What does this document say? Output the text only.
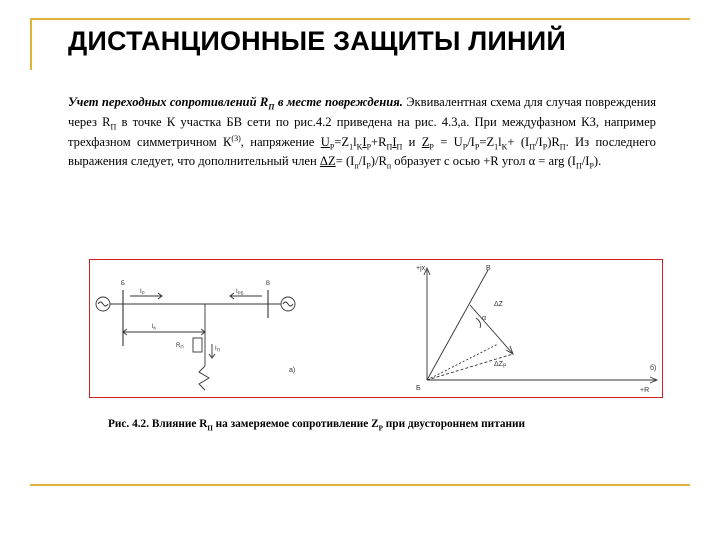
ДИСТАНЦИОННЫЕ ЗАЩИТЫ ЛИНИЙ
Учет переходных сопротивлений $R_П$ в месте повреждения. Эквивалентная схема для случая повреждения через $R_П$ в точке К участка БВ сети по рис.4.2 приведена на рис. 4.3,а. При междуфазном КЗ, например трехфазном симметричном $К^{(3)}$, напряжение $U_P=Z_1l_KI_P+R_ПI_П$ и $Z_P = U_P/I_P=Z_1l_K+ (I_П/I_P)R_П$. Из последнего выражения следует, что дополнительный член $\Delta Z= (I_п/I_P)/R_п$ образует с осью +R угол α = arg $(I_П/I_P)$.
Б	В
$I_Р$	$I_{РБ}$
$l_К$
$R_П$	$I_П$
а)
+jx
+R
Б
В
ΔZ
α
$\Delta Z_Р$	б)
Рис. 4.2. Влияние $R_П$ на замеряемое сопротивление $Z_Р$ при двустороннем питании
